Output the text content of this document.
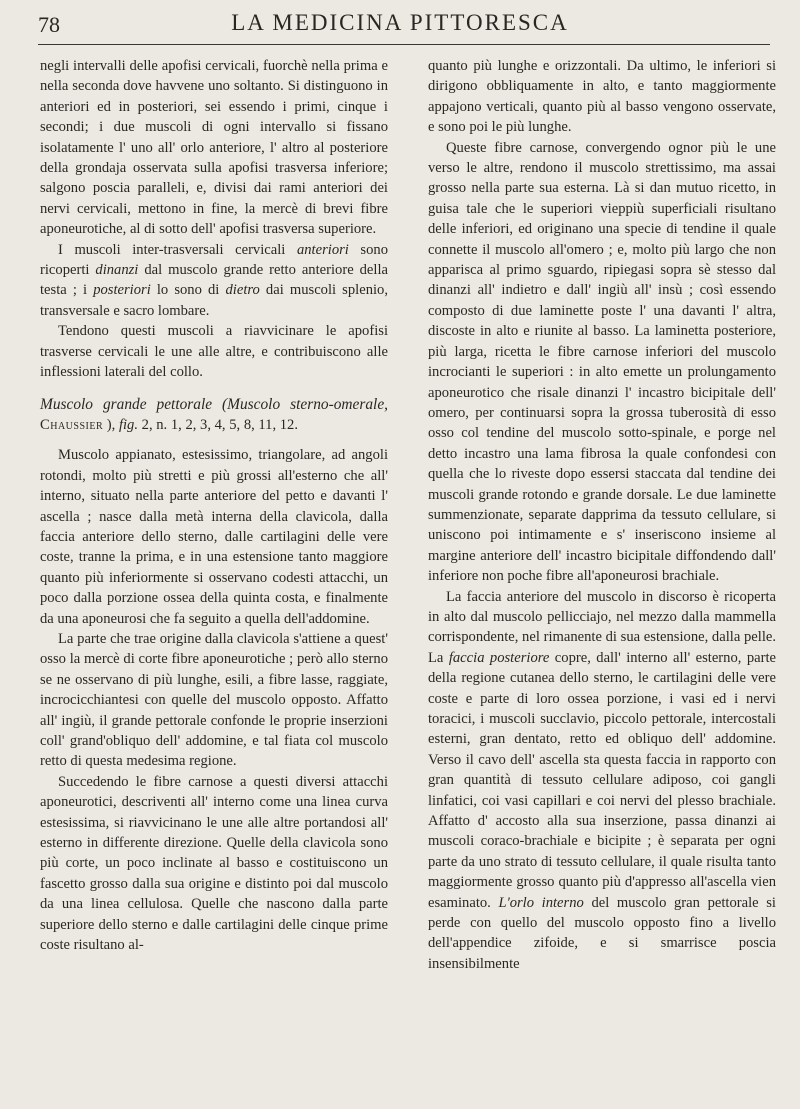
78	LA MEDICINA PITTORESCA

negli intervalli delle apofisi cervicali, fuorchè nella prima e nella seconda dove havvene uno soltanto. Si distinguono in anteriori ed in posteriori, sei essendo i primi, cinque i secondi; i due muscoli di ogni intervallo si fissano isolatamente l' uno all' orlo anteriore, l' altro al posteriore della grondaja osservata sulla apofisi trasversa inferiore; salgono poscia paralleli, e, divisi dai rami anteriori dei nervi cervicali, mettono in fine, la mercè di brevi fibre aponeurotiche, al di sotto dell' apofisi trasversa superiore.

I muscoli inter-trasversali cervicali anteriori sono ricoperti dinanzi dal muscolo grande retto anteriore della testa ; i posteriori lo sono di dietro dai muscoli splenio, transversale e sacro lombare.

Tendono questi muscoli a riavvicinare le apofisi trasverse cervicali le une alle altre, e contribuiscono alle inflessioni laterali del collo.

Muscolo grande pettorale (Muscolo sterno-omerale, Chaussier ), fig. 2, n. 1, 2, 3, 4, 5, 8, 11, 12.

Muscolo appianato, estesissimo, triangolare, ad angoli rotondi, molto più stretti e più grossi all'esterno che all' interno, situato nella parte anteriore del petto e davanti l' ascella ; nasce dalla metà interna della clavicola, dalla faccia anteriore dello sterno, dalle cartilagini delle vere coste, tranne la prima, e in una estensione tanto maggiore quanto più inferiormente si osservano codesti attacchi, un poco dalla porzione ossea della quinta costa, e finalmente da una aponeurosi che fa seguito a quella dell'addomine.

La parte che trae origine dalla clavicola s'attiene a quest' osso la mercè di corte fibre aponeurotiche ; però allo sterno se ne osservano di più lunghe, esili, a fibre lasse, raggiate, incrocicchiantesi con quelle del muscolo opposto. Affatto all' ingiù, il grande pettorale confonde le proprie inserzioni coll' grand'obliquo dell' addomine, e tal fiata col muscolo retto di questa medesima regione.

Succedendo le fibre carnose a questi diversi attacchi aponeurotici, descriventi all' interno come una linea curva estesissima, si riavvicinano le une alle altre portandosi all' esterno in differente direzione. Quelle della clavicola sono più corte, un poco inclinate al basso e costituiscono un fascetto grosso dalla sua origine e distinto poi dal muscolo da una linea cellulosa. Quelle che nascono dalla parte superiore dello sterno e dalle cartilagini delle cinque prime coste risultano al-

quanto più lunghe e orizzontali. Da ultimo, le inferiori si dirigono obbliquamente in alto, e tanto maggiormente appajono verticali, quanto più al basso vengono osservate, e sono poi le più lunghe.

Queste fibre carnose, convergendo ognor più le une verso le altre, rendono il muscolo strettissimo, ma assai grosso nella parte sua esterna. Là si dan mutuo ricetto, in guisa tale che le superiori vieppiù superficiali risultano delle inferiori, ed originano una specie di tendine il quale connette il muscolo all'omero ; e, molto più largo che non apparisca al primo sguardo, ripiegasi sopra sè stesso dal dinanzi all' indietro e dall' ingiù all' insù ; così essendo composto di due laminette poste l' una davanti l' altra, discoste in alto e riunite al basso. La laminetta posteriore, più larga, ricetta le fibre carnose inferiori del muscolo incrocianti le superiori : in alto emette un prolungamento aponeurotico che risale dinanzi l' incastro bicipitale dell' omero, per continuarsi sopra la grossa tuberosità di esso osso col tendine del muscolo sotto-spinale, e porge nel detto incastro una lama fibrosa la quale confondesi con quella che lo riveste dopo essersi staccata dal tendine dei muscoli grande rotondo e grande dorsale. Le due laminette summenzionate, separate dapprima da tessuto cellulare, si uniscono poi intimamente e s' inseriscono insieme al margine anteriore dell' incastro bicipitale diffondendo dall' inferiore non poche fibre all'aponeurosi brachiale.

La faccia anteriore del muscolo in discorso è ricoperta in alto dal muscolo pellicciajo, nel mezzo dalla mammella corrispondente, nel rimanente di sua estensione, dalla pelle. La faccia posteriore copre, dall' interno all' esterno, parte della regione cutanea dello sterno, le cartilagini delle vere coste e parte di loro ossea porzione, i vasi ed i nervi toracici, i muscoli succlavio, piccolo pettorale, intercostali esterni, gran dentato, retto ed obliquo dell' addomine. Verso il cavo dell' ascella sta questa faccia in rapporto con gran quantità di tessuto cellulare adiposo, coi gangli linfatici, coi vasi capillari e coi nervi del plesso brachiale. Affatto d' accosto alla sua inserzione, passa dinanzi ai muscoli coraco-brachiale e bicipite ; è separata per ogni parte da uno strato di tessuto cellulare, il quale risulta tanto maggiormente grosso quanto più d'appresso all'ascella vien esaminato. L'orlo interno del muscolo gran pettorale si perde con quello del muscolo opposto fino a livello dell'appendice zifoide, e si smarrisce poscia insensibilmente
